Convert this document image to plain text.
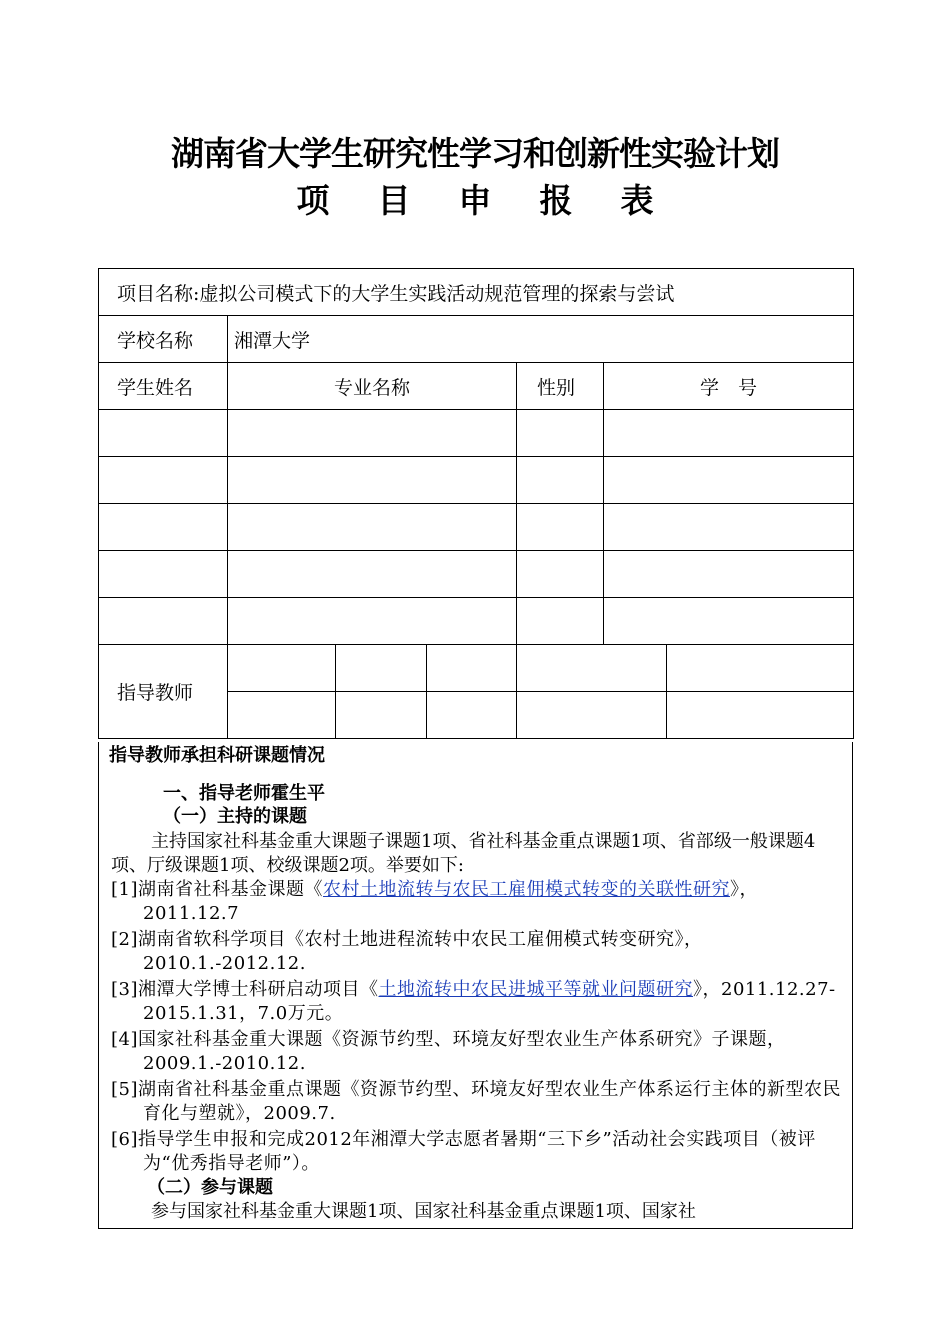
湖南省大学生研究性学习和创新性实验计划
项 目 申 报 表
项目名称:虚拟公司模式下的大学生实践活动规范管理的探索与尝试						
学校名称	湘潭大学					
学生姓名	专业名称			性别	学　号	

指导教师						

指导教师承担科研课题情况
一、指导老师霍生平
（一）主持的课题
主持国家社科基金重大课题子课题1项、省社科基金重点课题1项、省部级一般课题4项、厅级课题1项、校级课题2项。举要如下:
[1]湖南省社科基金课题《农村土地流转与农民工雇佣模式转变的关联性研究》，2011.12.7
[2]湖南省软科学项目《农村土地进程流转中农民工雇佣模式转变研究》，2010.1.-2012.12.
[3]湘潭大学博士科研启动项目《土地流转中农民进城平等就业问题研究》，2011.12.27-2015.1.31，7.0万元。
[4]国家社科基金重大课题《资源节约型、环境友好型农业生产体系研究》子课题，2009.1.-2010.12.
[5]湖南省社科基金重点课题《资源节约型、环境友好型农业生产体系运行主体的新型农民育化与塑就》，2009.7.
[6]指导学生申报和完成2012年湘潭大学志愿者暑期“三下乡”活动社会实践项目（被评为“优秀指导老师”）。
（二）参与课题
参与国家社科基金重大课题1项、国家社科基金重点课题1项、国家社
